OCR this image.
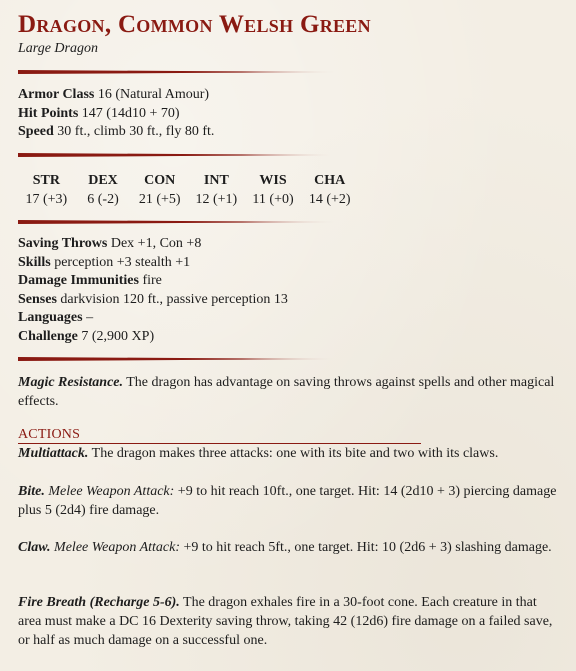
Dragon, Common Welsh Green
Large Dragon

Armor Class 16 (Natural Amour)

Hit Points 147 (14d10 + 70)

Speed 30 ft., climb 30 ft., fly 80 ft.

STR
17 (+3)
DEX
6 (-2)
CON
21 (+5)
INT
12 (+1)
WIS
11 (+0)
CHA
14 (+2)

Saving Throws Dex +1, Con +8

Skills perception +3 stealth +1

Damage Immunities fire

Senses darkvision 120 ft., passive perception 13

Languages –

Challenge 7 (2,900 XP)

Magic Resistance. The dragon has advantage on saving throws against spells and other magical effects.

ACTIONS

Multiattack. The dragon makes three attacks: one with its bite and two with its claws.

Bite. Melee Weapon Attack: +9 to hit reach 10ft., one target. Hit: 14 (2d10 + 3) piercing damage plus 5 (2d4) fire damage.

Claw. Melee Weapon Attack: +9 to hit reach 5ft., one target. Hit: 10 (2d6 + 3) slashing damage.

Fire Breath (Recharge 5-6). The dragon exhales fire in a 30-foot cone. Each creature in that area must make a DC 16 Dexterity saving throw, taking 42 (12d6) fire damage on a failed save, or half as much damage on a successful one.
